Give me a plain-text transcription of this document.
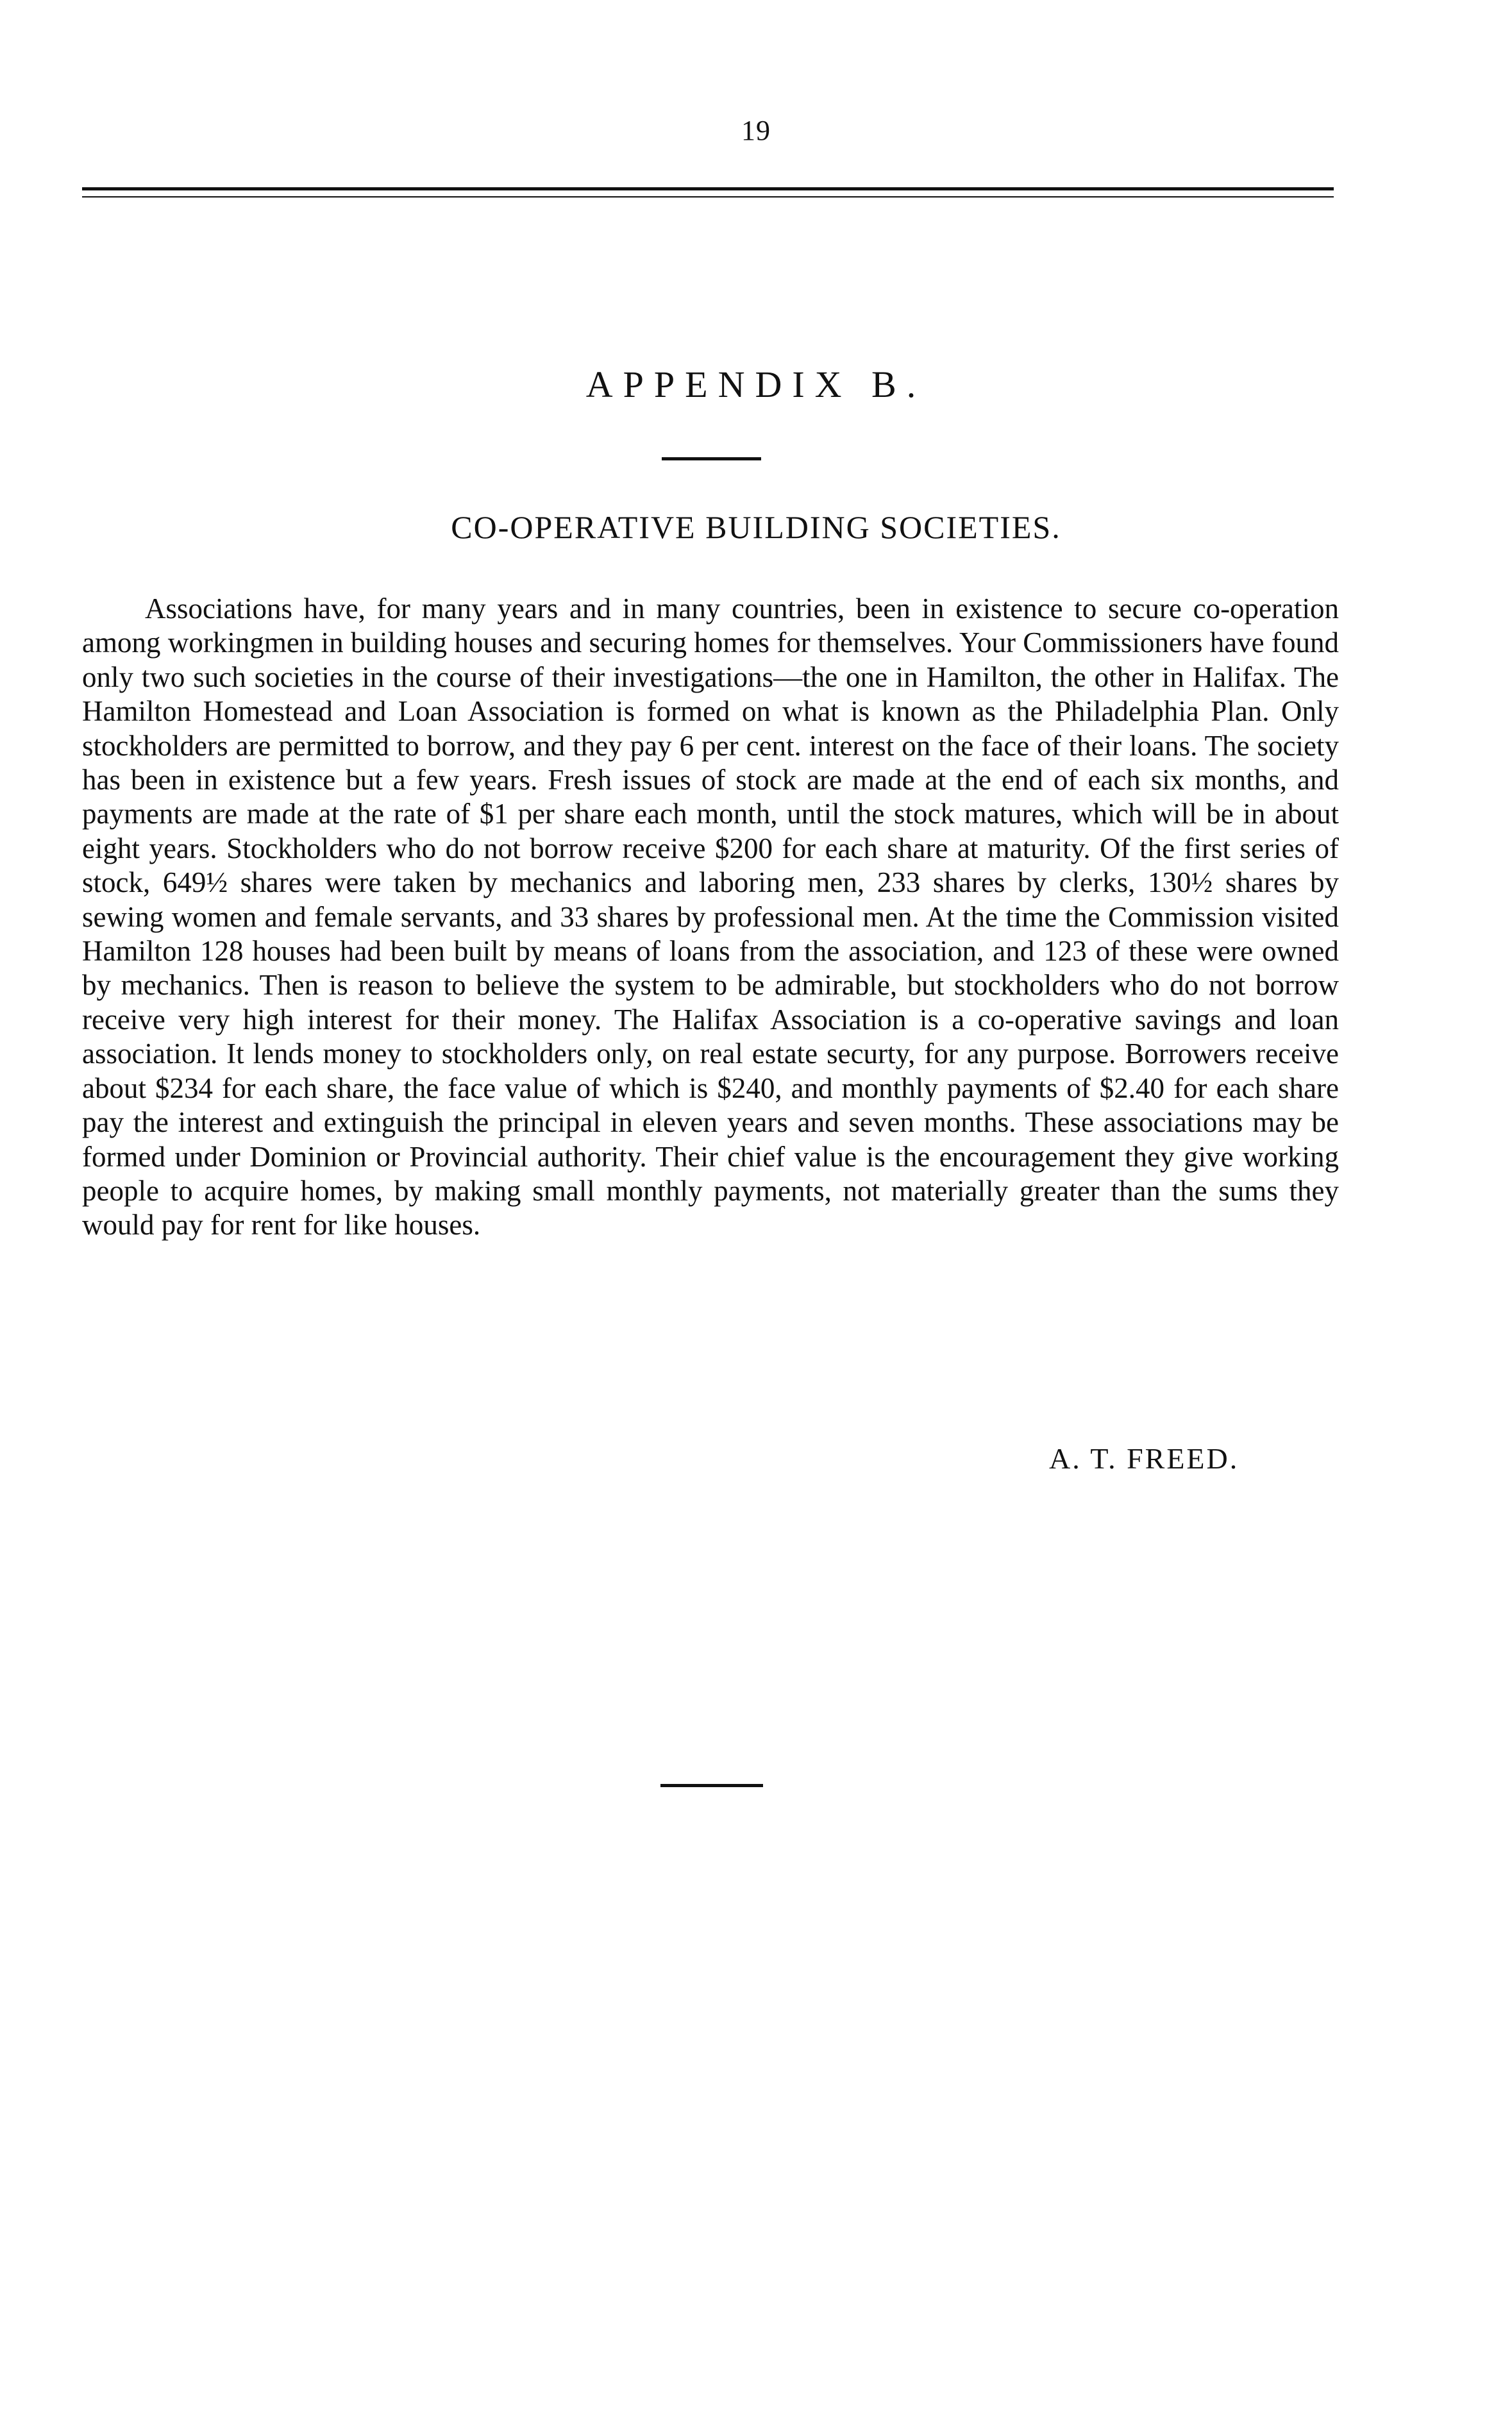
19
APPENDIX B.
CO-OPERATIVE BUILDING SOCIETIES.

Associations have, for many years and in many countries, been in existence to secure co-operation among workingmen in building houses and securing homes for themselves. Your Commissioners have found only two such societies in the course of their investigations—the one in Hamilton, the other in Halifax. The Hamilton Homestead and Loan Association is formed on what is known as the Philadelphia Plan. Only stockholders are permitted to borrow, and they pay 6 per cent. interest on the face of their loans. The society has been in existence but a few years. Fresh issues of stock are made at the end of each six months, and payments are made at the rate of $1 per share each month, until the stock matures, which will be in about eight years. Stockholders who do not borrow receive $200 for each share at maturity. Of the first series of stock, 649½ shares were taken by mechanics and laboring men, 233 shares by clerks, 130½ shares by sewing women and female servants, and 33 shares by professional men. At the time the Commission visited Hamilton 128 houses had been built by means of loans from the association, and 123 of these were owned by mechanics. Then is reason to believe the system to be admirable, but stockholders who do not borrow receive very high interest for their money. The Halifax Association is a co-operative savings and loan association. It lends money to stockholders only, on real estate securty, for any purpose. Borrowers receive about $234 for each share, the face value of which is $240, and monthly payments of $2.40 for each share pay the interest and extinguish the principal in eleven years and seven months. These associations may be formed under Dominion or Provincial authority. Their chief value is the encouragement they give working people to acquire homes, by making small monthly payments, not materially greater than the sums they would pay for rent for like houses.

A. T. FREED.
